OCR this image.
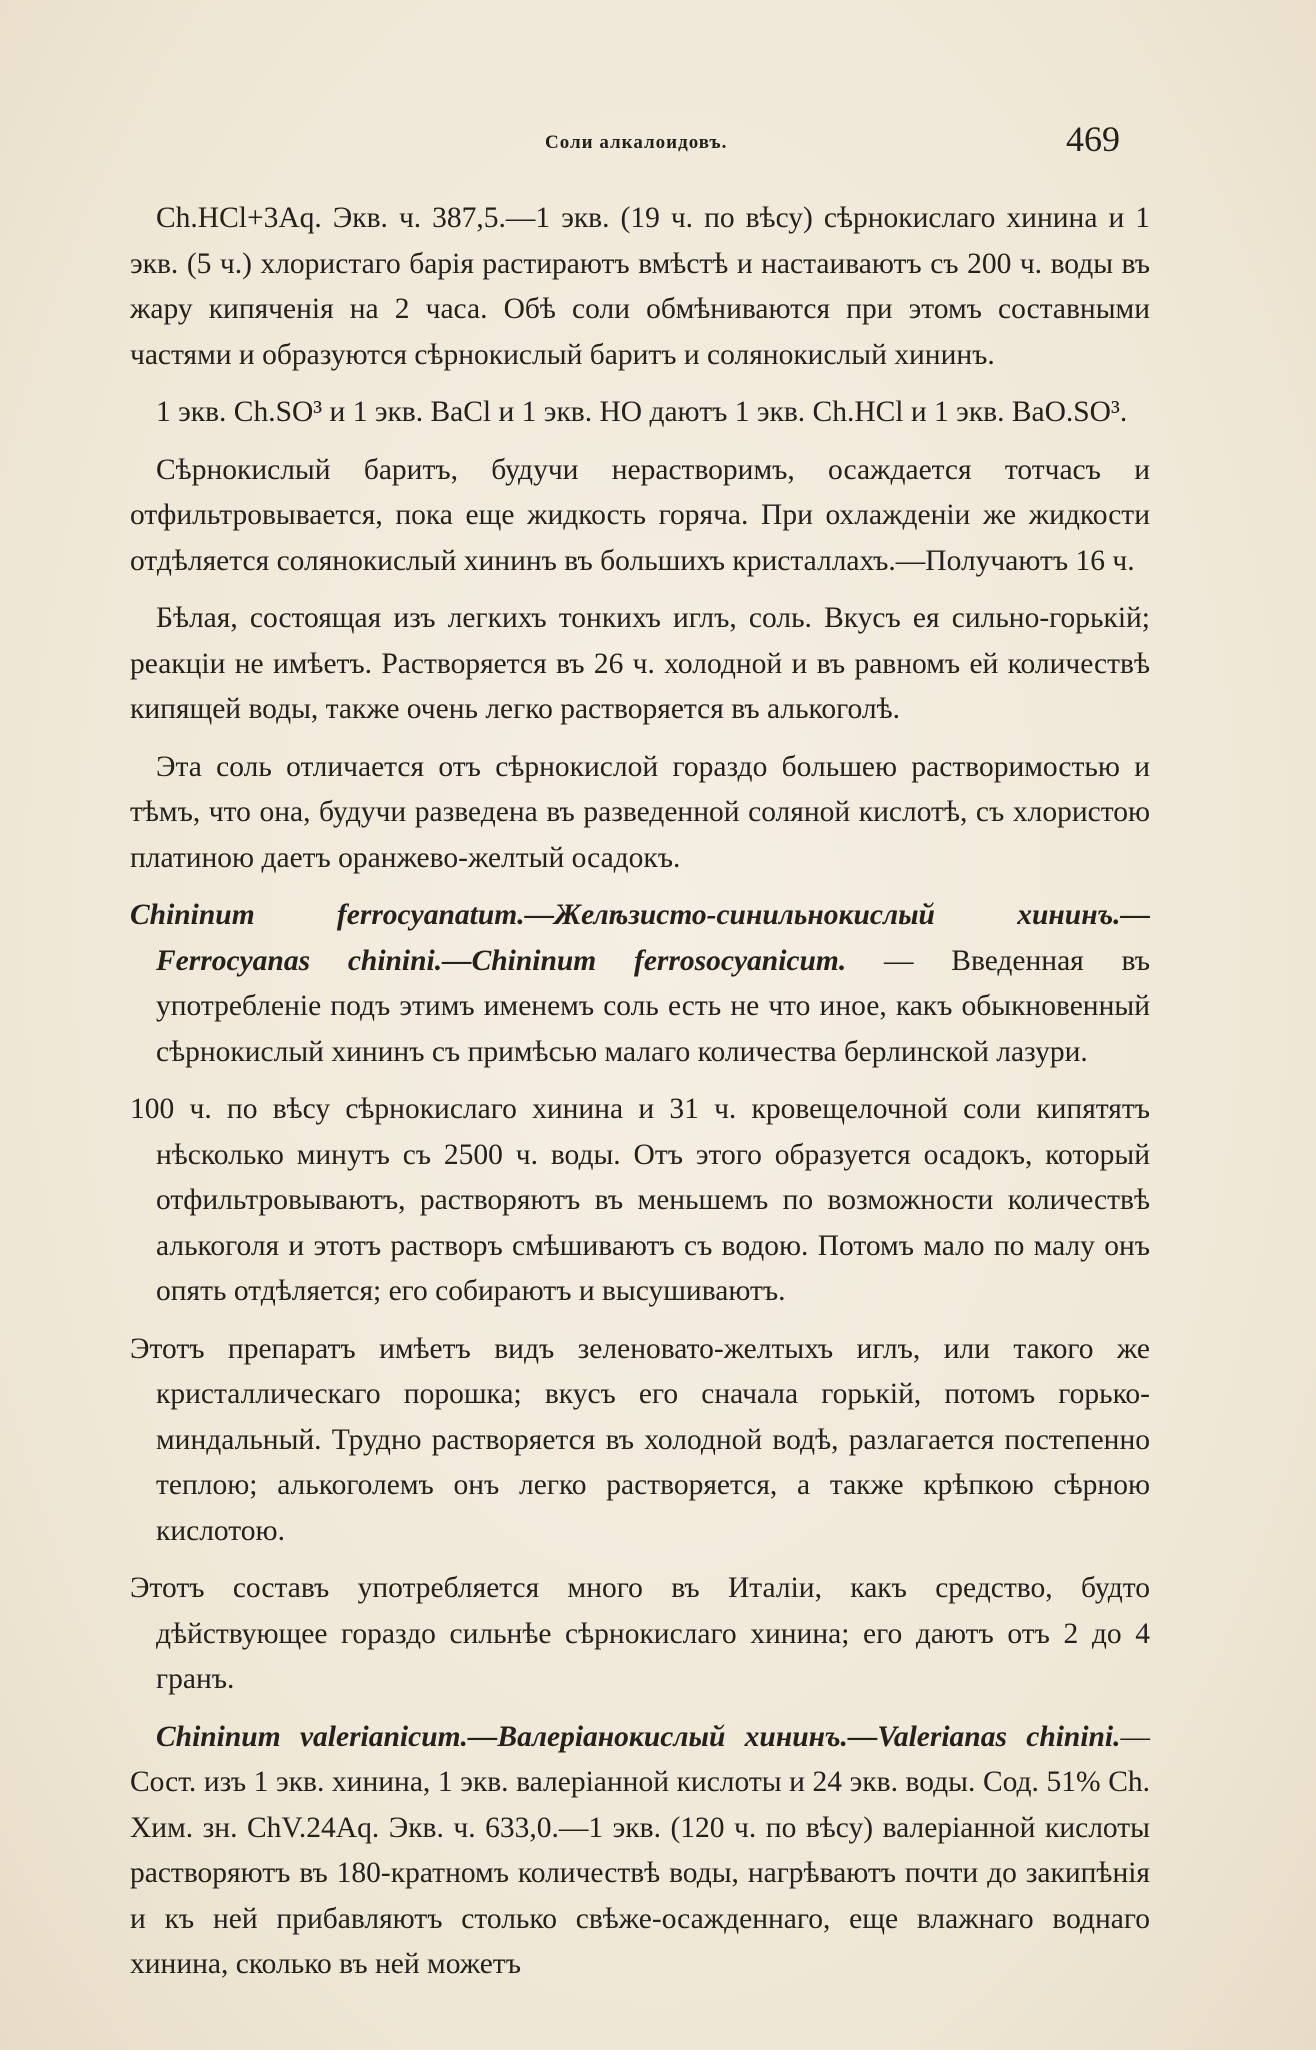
Соли алкалоидовъ.	469

Ch.HCl+3Aq. Экв. ч. 387,5.—1 экв. (19 ч. по вѣсу) сѣрнокислаго хинина и 1 экв. (5 ч.) хлористаго барія растираютъ вмѣстѣ и настаиваютъ съ 200 ч. воды въ жару кипяченія на 2 часа. Обѣ соли обмѣниваются при этомъ составными частями и образуются сѣрнокислый баритъ и солянокислый хининъ.

1 экв. Ch.SO³ и 1 экв. BaCl и 1 экв. HO даютъ 1 экв. Ch.HCl и 1 экв. BaO.SO³.

Сѣрнокислый баритъ, будучи нерастворимъ, осаждается тотчасъ и отфильтровывается, пока еще жидкость горяча. При охлажденіи же жидкости отдѣляется солянокислый хининъ въ большихъ кристаллахъ.—Получаютъ 16 ч.

Бѣлая, состоящая изъ легкихъ тонкихъ иглъ, соль. Вкусъ ея сильно-горькій; реакціи не имѣетъ. Растворяется въ 26 ч. холодной и въ равномъ ей количествѣ кипящей воды, также очень легко растворяется въ алькоголѣ.

Эта соль отличается отъ сѣрнокислой гораздо большею растворимостью и тѣмъ, что она, будучи разведена въ разведенной соляной кислотѣ, съ хлористою платиною даетъ оранжево-желтый осадокъ.

Chininum ferrocyanatum.—Желѣзисто-синильнокислый хининъ.—Ferrocyanas chinini.—Chininum ferrosocyanicum. — Введенная въ употребленіе подъ этимъ именемъ соль есть не что иное, какъ обыкновенный сѣрнокислый хининъ съ примѣсью малаго количества берлинской лазури.

100 ч. по вѣсу сѣрнокислаго хинина и 31 ч. кровещелочной соли кипятятъ нѣсколько минутъ съ 2500 ч. воды. Отъ этого образуется осадокъ, который отфильтровываютъ, растворяютъ въ меньшемъ по возможности количествѣ алькоголя и этотъ растворъ смѣшиваютъ съ водою. Потомъ мало по малу онъ опять отдѣляется; его собираютъ и высушиваютъ.

Этотъ препаратъ имѣетъ видъ зеленовато-желтыхъ иглъ, или такого же кристаллическаго порошка; вкусъ его сначала горькій, потомъ горько-миндальный. Трудно растворяется въ холодной водѣ, разлагается постепенно теплою; алькоголемъ онъ легко растворяется, а также крѣпкою сѣрною кислотою.

Этотъ составъ употребляется много въ Италіи, какъ средство, будто дѣйствующее гораздо сильнѣе сѣрнокислаго хинина; его даютъ отъ 2 до 4 гранъ.

Chininum valerianicum.—Валеріанокислый хининъ.—Valerianas chinini.—Сост. изъ 1 экв. хинина, 1 экв. валеріанной кислоты и 24 экв. воды. Сод. 51% Ch. Хим. зн. ChV.24Aq. Экв. ч. 633,0.—1 экв. (120 ч. по вѣсу) валеріанной кислоты растворяютъ въ 180-кратномъ количествѣ воды, нагрѣваютъ почти до закипѣнія и къ ней прибавляютъ столько свѣже-осажденнаго, еще влажнаго воднаго хинина, сколько въ ней можетъ
